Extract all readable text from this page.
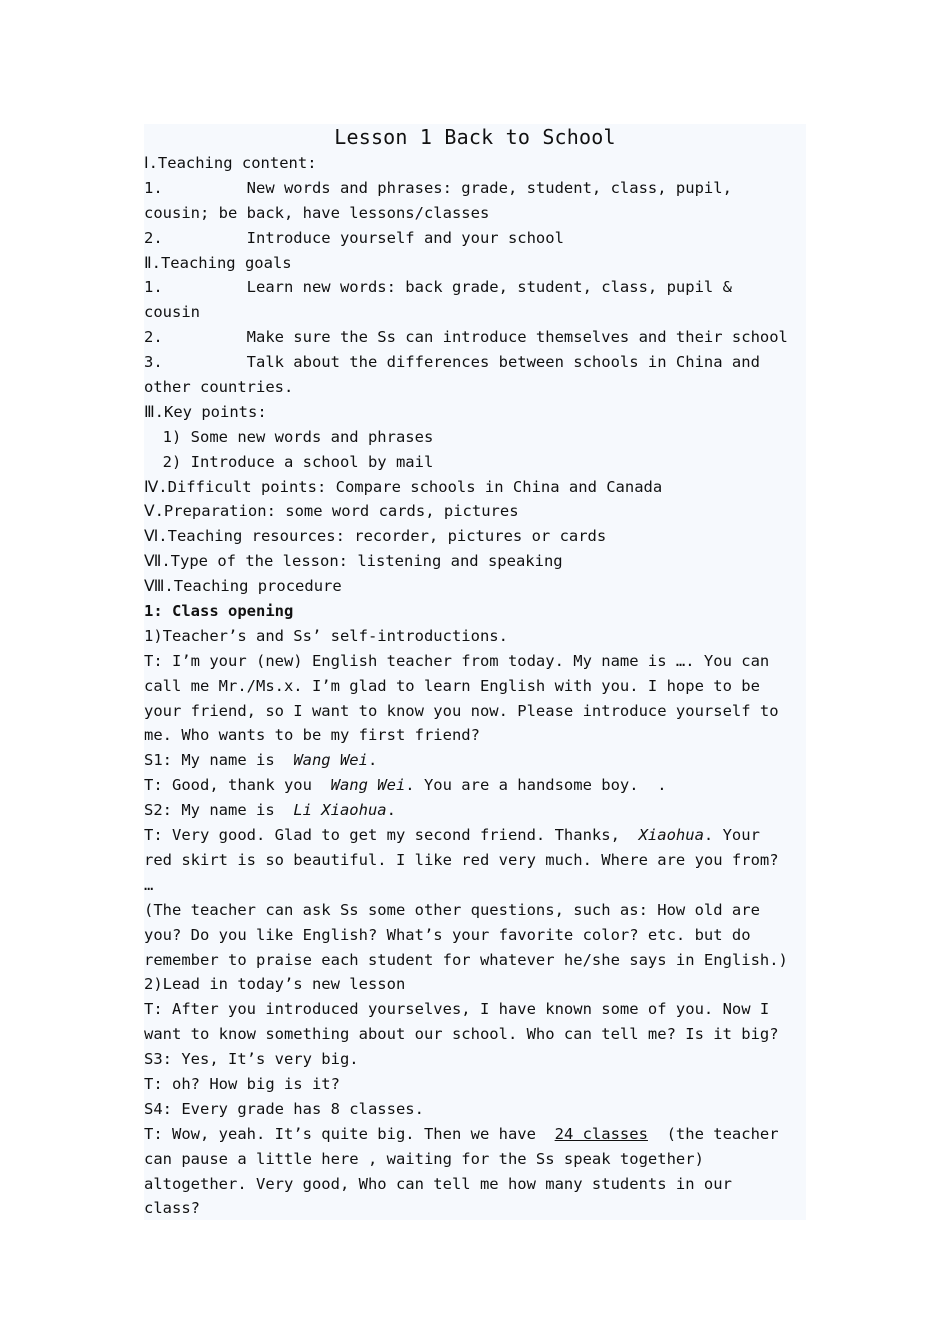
Lesson 1 Back to School
Ⅰ.Teaching content:
1.         New words and phrases: grade, student, class, pupil,
cousin; be back, have lessons/classes
2.         Introduce yourself and your school
Ⅱ.Teaching goals
1.         Learn new words: back grade, student, class, pupil &
cousin
2.         Make sure the Ss can introduce themselves and their school
3.         Talk about the differences between schools in China and
other countries.
Ⅲ.Key points:
1) Some new words and phrases
2) Introduce a school by mail
Ⅳ.Difficult points: Compare schools in China and Canada
Ⅴ.Preparation: some word cards, pictures
Ⅵ.Teaching resources: recorder, pictures or cards
Ⅶ.Type of the lesson: listening and speaking
Ⅷ.Teaching procedure
1: Class opening
1)Teacher’s and Ss’ self-introductions.
T: I’m your (new) English teacher from today. My name is …. You can
call me Mr./Ms.x. I’m glad to learn English with you. I hope to be
your friend, so I want to know you now. Please introduce yourself to
me. Who wants to be my first friend?
S1: My name is  Wang Wei.
T: Good, thank you  Wang Wei. You are a handsome boy.  .
S2: My name is  Li Xiaohua.
T: Very good. Glad to get my second friend. Thanks,  Xiaohua. Your
red skirt is so beautiful. I like red very much. Where are you from?
…
(The teacher can ask Ss some other questions, such as: How old are
you? Do you like English? What’s your favorite color? etc. but do
remember to praise each student for whatever he/she says in English.)
2)Lead in today’s new lesson
T: After you introduced yourselves, I have known some of you. Now I
want to know something about our school. Who can tell me? Is it big?
S3: Yes, It’s very big.
T: oh? How big is it?
S4: Every grade has 8 classes.
T: Wow, yeah. It’s quite big. Then we have  24 classes  (the teacher
can pause a little here , waiting for the Ss speak together)
altogether. Very good, Who can tell me how many students in our
class?
